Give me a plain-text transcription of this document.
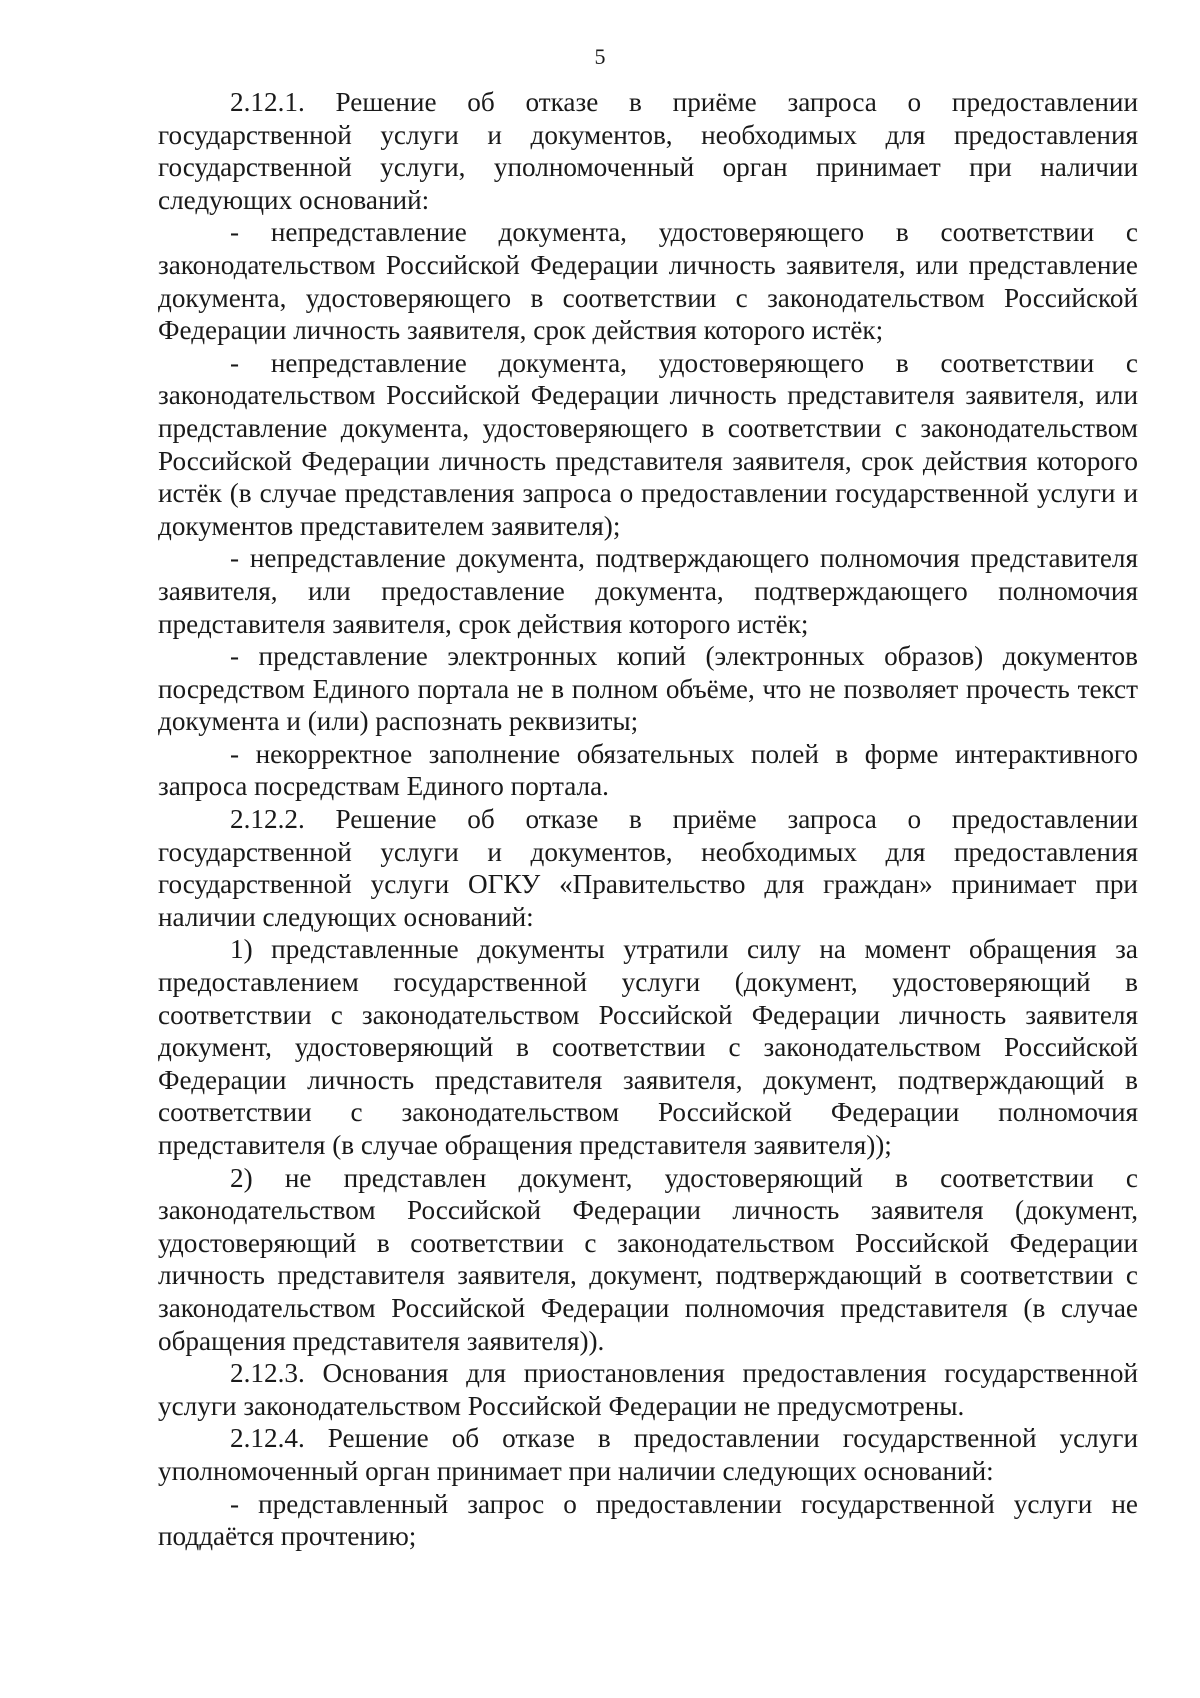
5

2.12.1. Решение об отказе в приёме запроса о предоставлении государственной услуги и документов, необходимых для предоставления государственной услуги, уполномоченный орган принимает при наличии следующих оснований:

- непредставление документа, удостоверяющего в соответствии с законодательством Российской Федерации личность заявителя, или представление документа, удостоверяющего в соответствии с законодательством Российской Федерации личность заявителя, срок действия которого истёк;

- непредставление документа, удостоверяющего в соответствии с законодательством Российской Федерации личность представителя заявителя, или представление документа, удостоверяющего в соответствии с законодательством Российской Федерации личность представителя заявителя, срок действия которого истёк (в случае представления запроса о предоставлении государственной услуги и документов представителем заявителя);

- непредставление документа, подтверждающего полномочия представителя заявителя, или предоставление документа, подтверждающего полномочия представителя заявителя, срок действия которого истёк;

- представление электронных копий (электронных образов) документов посредством Единого портала не в полном объёме, что не позволяет прочесть текст документа и (или) распознать реквизиты;

- некорректное заполнение обязательных полей в форме интерактивного запроса посредствам Единого портала.

2.12.2. Решение об отказе в приёме запроса о предоставлении государственной услуги и документов, необходимых для предоставления государственной услуги ОГКУ «Правительство для граждан» принимает при наличии следующих оснований:

1) представленные документы утратили силу на момент обращения за предоставлением государственной услуги (документ, удостоверяющий в соответствии с законодательством Российской Федерации личность заявителя документ, удостоверяющий в соответствии с законодательством Российской Федерации личность представителя заявителя, документ, подтверждающий в соответствии с законодательством Российской Федерации полномочия представителя (в случае обращения представителя заявителя));

2) не представлен документ, удостоверяющий в соответствии с законодательством Российской Федерации личность заявителя (документ, удостоверяющий в соответствии с законодательством Российской Федерации личность представителя заявителя, документ, подтверждающий в соответствии с законодательством Российской Федерации полномочия представителя (в случае обращения представителя заявителя)).

2.12.3. Основания для приостановления предоставления государственной услуги законодательством Российской Федерации не предусмотрены.

2.12.4. Решение об отказе в предоставлении государственной услуги уполномоченный орган принимает при наличии следующих оснований:

- представленный запрос о предоставлении государственной услуги не поддаётся прочтению;
